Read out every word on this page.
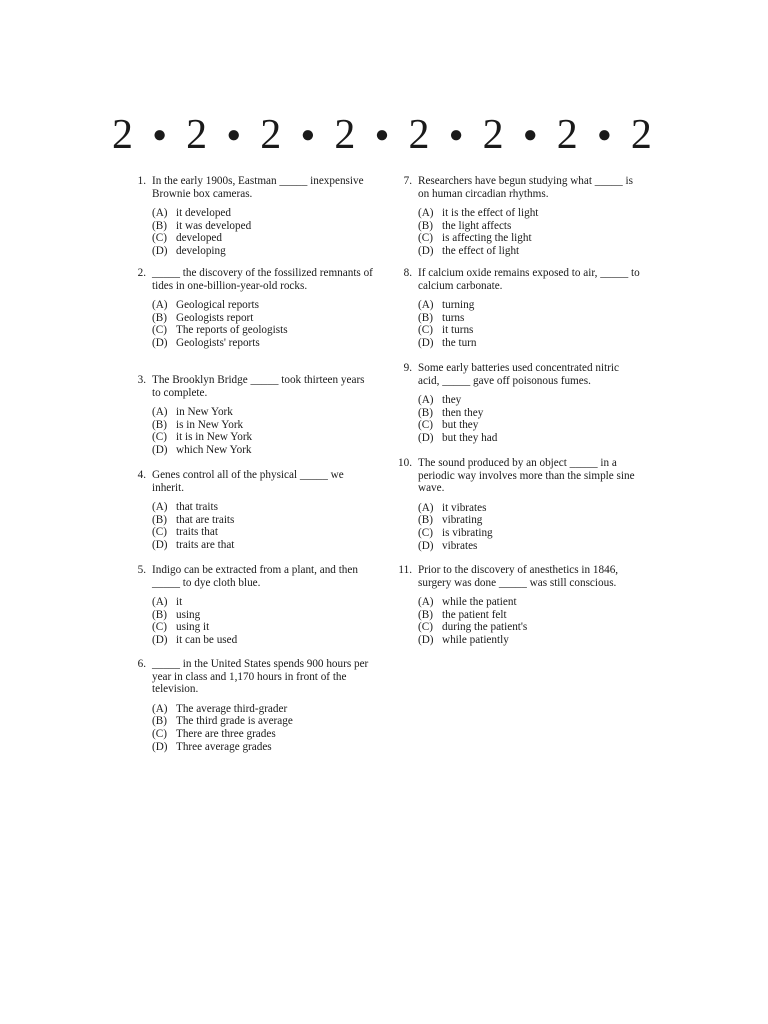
2 ● 2 ● 2 ● 2 ● 2 ● 2 ● 2 ● 2
1. In the early 1900s, Eastman _____ inexpensive Brownie box cameras.
(A) it developed
(B) it was developed
(C) developed
(D) developing
2. _____ the discovery of the fossilized remnants of tides in one-billion-year-old rocks.
(A) Geological reports
(B) Geologists report
(C) The reports of geologists
(D) Geologists' reports
3. The Brooklyn Bridge _____ took thirteen years to complete.
(A) in New York
(B) is in New York
(C) it is in New York
(D) which New York
4. Genes control all of the physical _____ we inherit.
(A) that traits
(B) that are traits
(C) traits that
(D) traits are that
5. Indigo can be extracted from a plant, and then _____ to dye cloth blue.
(A) it
(B) using
(C) using it
(D) it can be used
6. _____ in the United States spends 900 hours per year in class and 1,170 hours in front of the television.
(A) The average third-grader
(B) The third grade is average
(C) There are three grades
(D) Three average grades
7. Researchers have begun studying what _____ is on human circadian rhythms.
(A) it is the effect of light
(B) the light affects
(C) is affecting the light
(D) the effect of light
8. If calcium oxide remains exposed to air, _____ to calcium carbonate.
(A) turning
(B) turns
(C) it turns
(D) the turn
9. Some early batteries used concentrated nitric acid, _____ gave off poisonous fumes.
(A) they
(B) then they
(C) but they
(D) but they had
10. The sound produced by an object _____ in a periodic way involves more than the simple sine wave.
(A) it vibrates
(B) vibrating
(C) is vibrating
(D) vibrates
11. Prior to the discovery of anesthetics in 1846, surgery was done _____ was still conscious.
(A) while the patient
(B) the patient felt
(C) during the patient's
(D) while patiently
